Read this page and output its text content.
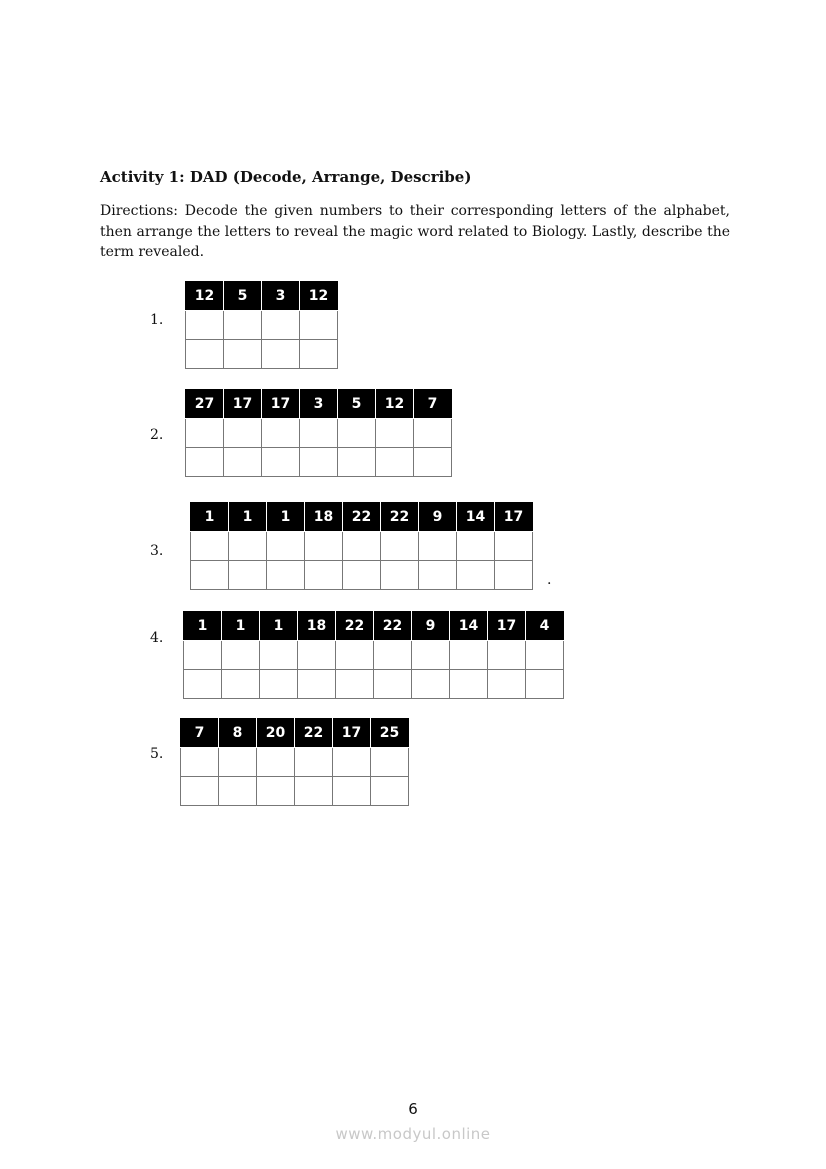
Activity 1: DAD (Decode, Arrange, Describe)

Directions: Decode the given numbers to their corresponding letters of the alphabet, then arrange the letters to reveal the magic word related to Biology. Lastly, describe the term revealed.

1.
12	5	3	12

2.
27	17	17	3	5	12	7

3.
1	1	1	18	22	22	9	14	17

.
4.
1	1	1	18	22	22	9	14	17	4

5.
7	8	20	22	17	25

6
www.modyul.online
